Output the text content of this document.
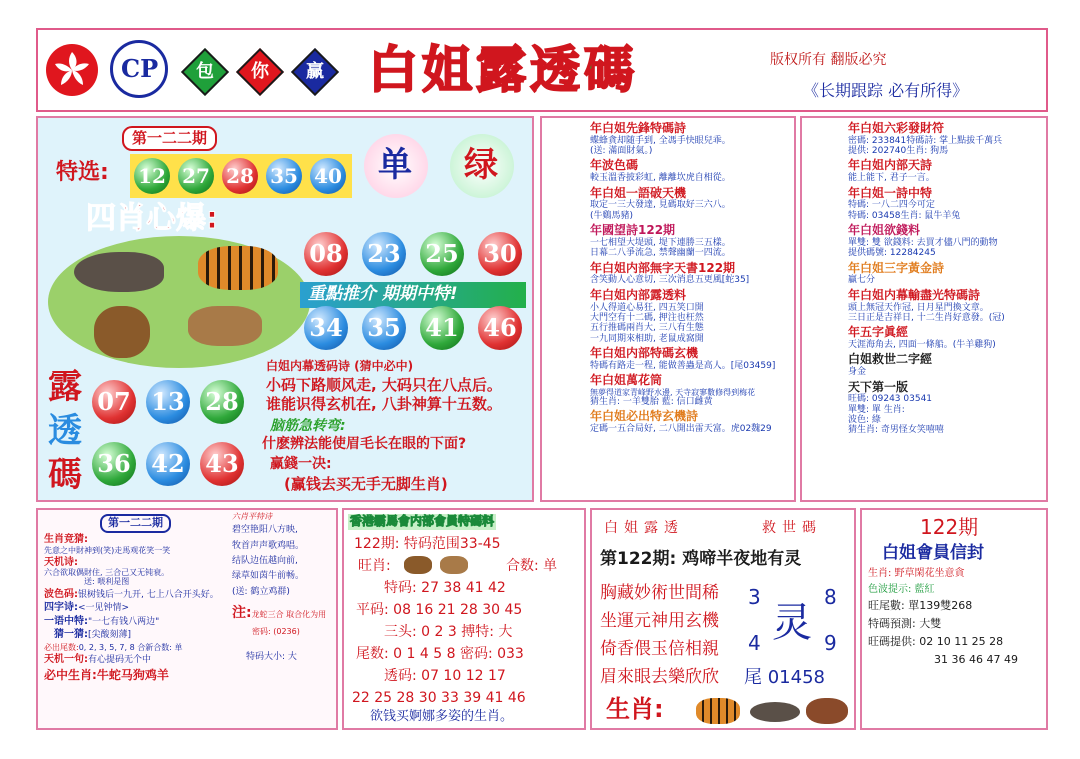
CP	包	你	赢 白姐露透碼	版权所有 翻版必究
《长期跟踪 必有所得》
第一二二期
特选: 12 27 28 35 40 单 绿
四肖心爆:
08 23 25 30
重點推介 期期中特!
34 35 41 46
露
透
碼
07 13 28
36 42 43
白姐内幕透码诗 (猜中必中)
小码下路顺风走, 大码只在八点后。
谁能识得玄机在, 八卦神算十五数。
脑筋急转弯:
什麽辨法能使眉毛长在眼的下面?
赢錢一决:
(赢钱去买无手无脚生肖)
年白姐先鋒特碼詩
蝶蜂貪却随手到, 全馮手快眼兒乖。
(送: 滿面財氣。)
年波色碼
較玉溫香披彩虹, 離離坎虎自相從。
年白姐一語破天機
取定一三大發達, 見碼取好三六八。
(牛鷄馬豬)
年國望詩122期
一七相望大堤頭, 堤下連勝三五樣。
日幕二八爭流急, 禁聲幽蘭一四流。
年白姐内部無字天書122期
含笑動人心意切, 三次消息五更風[蛇35]
年白姐内部露透料
小人得道心易狂, 四五笑口開
大門空有十二碼, 押注也枉然
五行推碼兩肖大, 三八有生態
一九同期來相助, 老鼠成窩開
年白姐内部特碼玄機
特碼有路走一程, 能做善蟲是高人。[尾03459]
年白姐萬花筒
無夢得道家青峰野水邊, 天寺寂寥數修得到梅花
猜生肖: 一羊雙胎 藍: 信口雌黄
年白姐必出特玄機詩
定碼一五合局好, 二八開出雷天富。虎02魏29
年白姐六彩發財符
密碼: 233841特碼詩: 掌上點拔千萬兵
提供: 202740生肖: 狗馬
年白姐内部天詩
能上能下, 君子一言。
年白姐一詩中特
特碼: 一八二四今可定
特碼: 03458生肖: 鼠牛羊兔
年白姐欲錢料
單雙: 雙 欲錢料: 去買才儘八門的動物
提供碼號: 12284245
年白姐三字黃金詩
贏七分
年白姐内幕輸盡光特碼詩
頭上無冠天作冠, 日月星門換文章。
三日正是吉祥日, 十二生肖好意發。(冠)
年五字眞經
天涯海角去, 四面一條船。(牛羊雞狗)
白姐救世二字經
身金
天下第一版
旺碼: 09243 03541
單雙: 單 生肖:
波色: 綠
猜生肖: 奇男怪女笑嘻嘻
第一二二期
生肖竞猜:
先意之中財神到(笑)走馬观花笑一笑
天机诗:
六合欲取偶財住, 三合己又无钝衰。
送: 喂利是图
波色码:银树钱后一九开, 七上八合开头好。
四字诗:<一见钟情>
一语中特:"一七有钱八两边"
猜一猜:[尖酸刻薄]
必出尾数:0, 2, 3, 5, 7, 8 合新合数: 单
天机一句:有心提码无个中
必中生肖:牛蛇马狗鸡羊
六肖平特诗
碧空艳阳八方映,
牧首声声歌鸡唱。
结队边伍越向前,
绿草如茵牛前畅。
(送: 鹤立鸡群)
注:龙蛇三合 取合化为用
密码: (0236)
特码大小: 大
香港霸馬會内部會員特碼料
122期: 特码范围33-45
旺肖:	合数: 单
特码: 27 38 41 42
平码: 08 16 21 28 30 45
三头: 0 2 3 搏特: 大
尾数: 0 1 4 5 8 密码: 033
透码: 07 10 12 17
22 25 28 30 33 39 41 46
欲钱买婀娜多姿的生肖。
白姐露透	救世碼
第122期: 鸡啼半夜地有灵
胸藏妙術世間稀
坐運元神用玄機
倚香偎玉倍相親
眉來眼去樂欣欣
3	8
灵
4	9
尾 01458
生肖:
122期
白姐會員信封
生肖: 野草閑花坐意貪
色波提示: 藍紅
旺尾數: 單139雙268
特碼預測: 大雙
旺碼提供: 02 10 11 25 28
31 36 46 47 49
